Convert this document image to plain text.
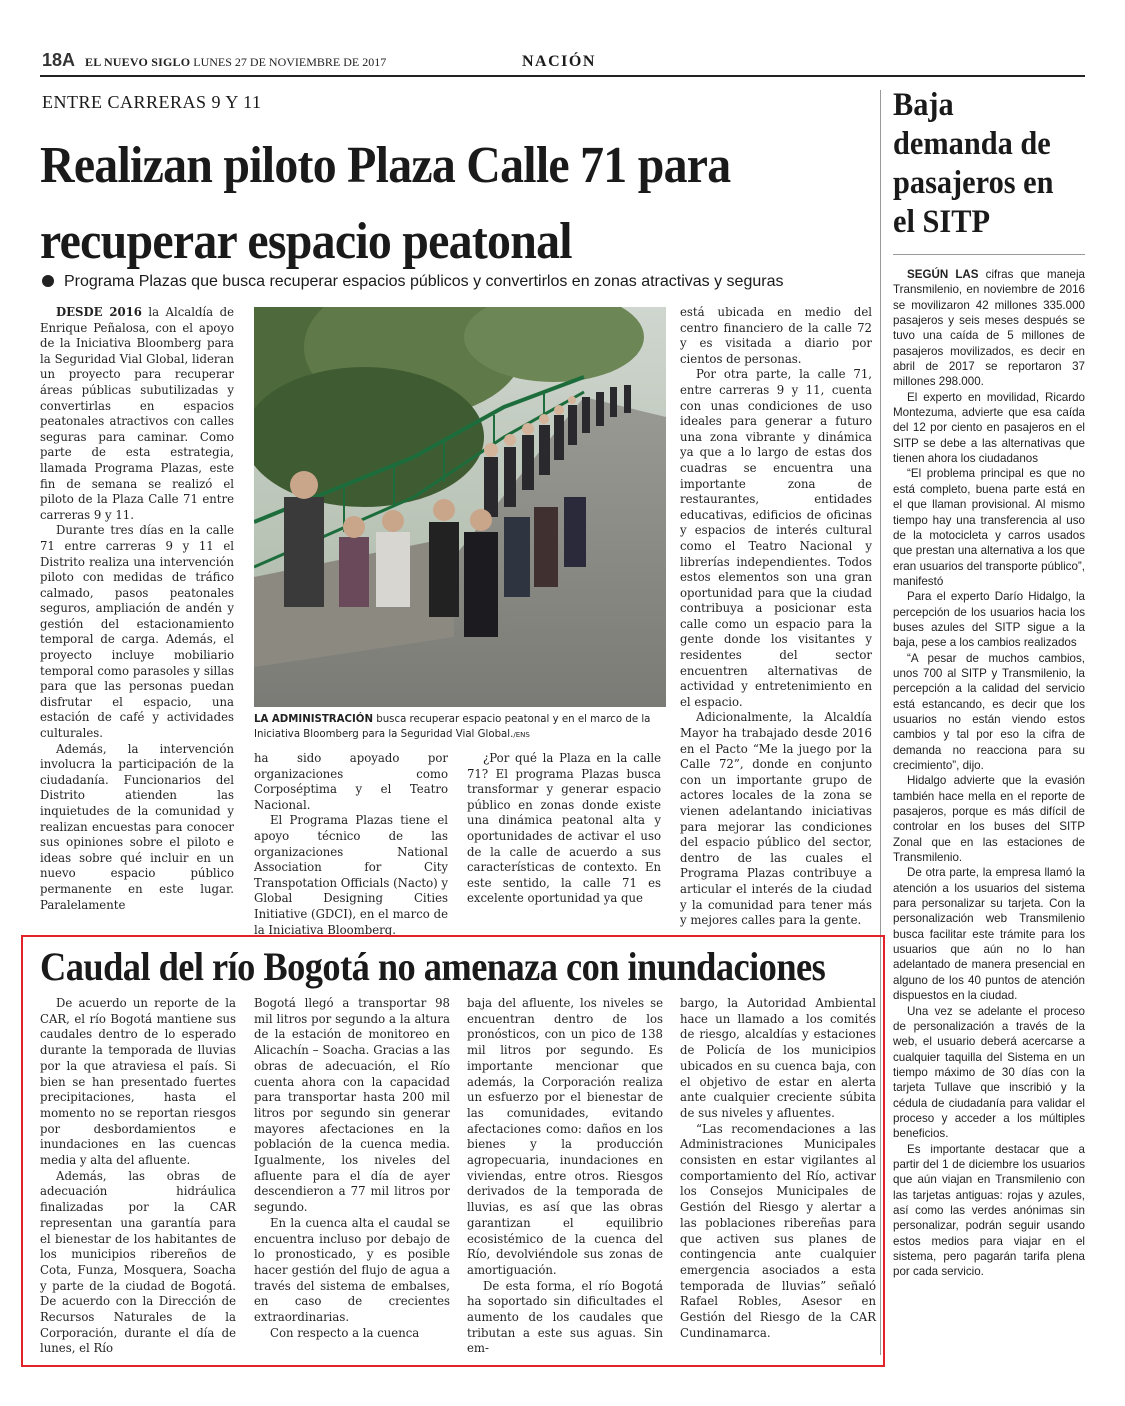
18A EL NUEVO SIGLO LUNES 27 DE NOVIEMBRE DE 2017	NACIÓN
ENTRE CARRERAS 9 Y 11
Realizan piloto Plaza Calle 71 para recuperar espacio peatonal
Programa Plazas que busca recuperar espacios públicos y convertirlos en zonas atractivas y seguras

DESDE 2016 la Alcaldía de Enrique Peñalosa, con el apoyo de la Iniciativa Bloomberg para la Seguridad Vial Global, lideran un proyecto para recuperar áreas públicas subutilizadas y convertirlas en espacios peatonales atractivos con calles seguras para caminar. Como parte de esta estrategia, llamada Programa Plazas, este fin de semana se realizó el piloto de la Plaza Calle 71 entre carreras 9 y 11.

Durante tres días en la calle 71 entre carreras 9 y 11 el Distrito realiza una intervención piloto con medidas de tráfico calmado, pasos peatonales seguros, ampliación de andén y gestión del estacionamiento temporal de carga. Además, el proyecto incluye mobiliario temporal como parasoles y sillas para que las personas puedan disfrutar el espacio, una estación de café y actividades culturales.

Además, la intervención involucra la participación de la ciudadanía. Funcionarios del Distrito atienden las inquietudes de la comunidad y realizan encuestas para conocer sus opiniones sobre el piloto e ideas sobre qué incluir en un nuevo espacio público permanente en este lugar. Paralelamente

LA ADMINISTRACIÓN busca recuperar espacio peatonal y en el marco de la Iniciativa Bloomberg para la Seguridad Vial Global./ENS

ha sido apoyado por organizaciones como Corposéptima y el Teatro Nacional.

El Programa Plazas tiene el apoyo técnico de las organizaciones National Association for City Transpotation Officials (Nacto) y Global Designing Cities Initiative (GDCI), en el marco de la Iniciativa Bloomberg.

¿Por qué la Plaza en la calle 71? El programa Plazas busca transformar y generar espacio público en zonas donde existe una dinámica peatonal alta y oportunidades de activar el uso de la calle de acuerdo a sus características de contexto. En este sentido, la calle 71 es excelente oportunidad ya que

está ubicada en medio del centro financiero de la calle 72 y es visitada a diario por cientos de personas.

Por otra parte, la calle 71, entre carreras 9 y 11, cuenta con unas condiciones de uso ideales para generar a futuro una zona vibrante y dinámica ya que a lo largo de estas dos cuadras se encuentra una importante zona de restaurantes, entidades educativas, edificios de oficinas y espacios de interés cultural como el Teatro Nacional y librerías independientes. Todos estos elementos son una gran oportunidad para que la ciudad contribuya a posicionar esta calle como un espacio para la gente donde los visitantes y residentes del sector encuentren alternativas de actividad y entretenimiento en el espacio.

Adicionalmente, la Alcaldía Mayor ha trabajado desde 2016 en el Pacto “Me la juego por la Calle 72”, donde en conjunto con un importante grupo de actores locales de la zona se vienen adelantando iniciativas para mejorar las condiciones del espacio público del sector, dentro de las cuales el Programa Plazas contribuye a articular el interés de la ciudad y la comunidad para tener más y mejores calles para la gente.

Baja demanda de pasajeros en el SITP

SEGÚN LAS cifras que maneja Transmilenio, en noviembre de 2016 se movilizaron 42 millones 335.000 pasajeros y seis meses después se tuvo una caída de 5 millones de pasajeros movilizados, es decir en abril de 2017 se reportaron 37 millones 298.000.

El experto en movilidad, Ricardo Montezuma, advierte que esa caída del 12 por ciento en pasajeros en el SITP se debe a las alternativas que tienen ahora los ciudadanos

“El problema principal es que no está completo, buena parte está en el que llaman provisional. Al mismo tiempo hay una transferencia al uso de la motocicleta y carros usados que prestan una alternativa a los que eran usuarios del transporte público”, manifestó

Para el experto Darío Hidalgo, la percepción de los usuarios hacia los buses azules del SITP sigue a la baja, pese a los cambios realizados

“A pesar de muchos cambios, unos 700 al SITP y Transmilenio, la percepción a la calidad del servicio está estancando, es decir que los usuarios no están viendo estos cambios y tal por eso la cifra de demanda no reacciona para su crecimiento”, dijo.

Hidalgo advierte que la evasión también hace mella en el reporte de pasajeros, porque es más difícil de controlar en los buses del SITP Zonal que en las estaciones de Transmilenio.

De otra parte, la empresa llamó la atención a los usuarios del sistema para personalizar su tarjeta. Con la personalización web Transmilenio busca facilitar este trámite para los usuarios que aún no lo han adelantado de manera presencial en alguno de los 40 puntos de atención dispuestos en la ciudad.

Una vez se adelante el proceso de personalización a través de la web, el usuario deberá acercarse a cualquier taquilla del Sistema en un tiempo máximo de 30 días con la tarjeta Tullave que inscribió y la cédula de ciudadanía para validar el proceso y acceder a los múltiples beneficios.

Es importante destacar que a partir del 1 de diciembre los usuarios que aún viajan en Transmilenio con las tarjetas antiguas: rojas y azules, así como las verdes anónimas sin personalizar, podrán seguir usando estos medios para viajar en el sistema, pero pagarán tarifa plena por cada servicio.

Caudal del río Bogotá no amenaza con inundaciones

De acuerdo un reporte de la CAR, el río Bogotá mantiene sus caudales dentro de lo esperado durante la temporada de lluvias por la que atraviesa el país. Si bien se han presentado fuertes precipitaciones, hasta el momento no se reportan riesgos por desbordamientos e inundaciones en las cuencas media y alta del afluente.

Además, las obras de adecuación hidráulica finalizadas por la CAR representan una garantía para el bienestar de los habitantes de los municipios ribereños de Cota, Funza, Mosquera, Soacha y parte de la ciudad de Bogotá. De acuerdo con la Dirección de Recursos Naturales de la Corporación, durante el día de lunes, el Río

Bogotá llegó a transportar 98 mil litros por segundo a la altura de la estación de monitoreo en Alicachín – Soacha. Gracias a las obras de adecuación, el Río cuenta ahora con la capacidad para transportar hasta 200 mil litros por segundo sin generar mayores afectaciones en la población de la cuenca media. Igualmente, los niveles del afluente para el día de ayer descendieron a 77 mil litros por segundo.

En la cuenca alta el caudal se encuentra incluso por debajo de lo pronosticado, y es posible hacer gestión del flujo de agua a través del sistema de embalses, en caso de crecientes extraordinarias.

Con respecto a la cuenca

baja del afluente, los niveles se encuentran dentro de los pronósticos, con un pico de 138 mil litros por segundo. Es importante mencionar que además, la Corporación realiza un esfuerzo por el bienestar de las comunidades, evitando afectaciones como: daños en los bienes y la producción agropecuaria, inundaciones en viviendas, entre otros. Riesgos derivados de la temporada de lluvias, es así que las obras garantizan el equilibrio ecosistémico de la cuenca del Río, devolviéndole sus zonas de amortiguación.

De esta forma, el río Bogotá ha soportado sin dificultades el aumento de los caudales que tributan a este sus aguas. Sin em-

bargo, la Autoridad Ambiental hace un llamado a los comités de riesgo, alcaldías y estaciones de Policía de los municipios ubicados en su cuenca baja, con el objetivo de estar en alerta ante cualquier creciente súbita de sus niveles y afluentes.

“Las recomendaciones a las Administraciones Municipales consisten en estar vigilantes al comportamiento del Río, activar los Consejos Municipales de Gestión del Riesgo y alertar a las poblaciones ribereñas para que activen sus planes de contingencia ante cualquier emergencia asociados a esta temporada de lluvias” señaló Rafael Robles, Asesor en Gestión del Riesgo de la CAR Cundinamarca.
